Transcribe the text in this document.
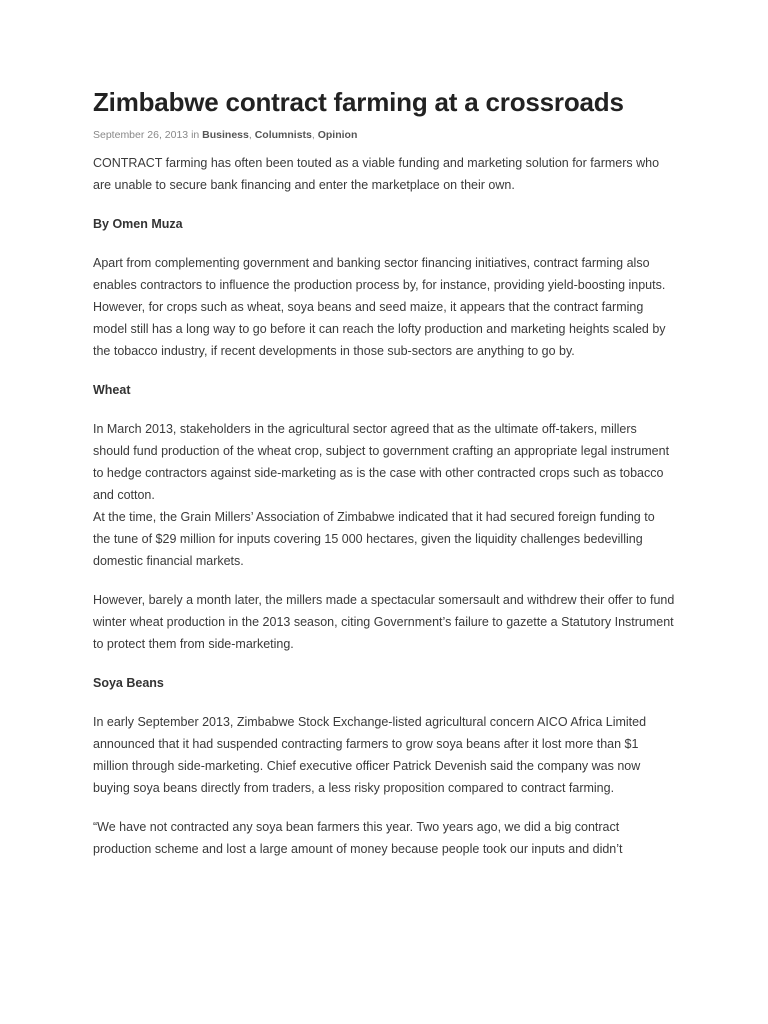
Zimbabwe contract farming at a crossroads
September 26, 2013 in Business, Columnists, Opinion

CONTRACT farming has often been touted as a viable funding and marketing solution for farmers who are unable to secure bank financing and enter the marketplace on their own.

By Omen Muza

Apart from complementing government and banking sector financing initiatives, contract farming also enables contractors to influence the production process by, for instance, providing yield-boosting inputs. However, for crops such as wheat, soya beans and seed maize, it appears that the contract farming model still has a long way to go before it can reach the lofty production and marketing heights scaled by the tobacco industry, if recent developments in those sub-sectors are anything to go by.

Wheat

In March 2013, stakeholders in the agricultural sector agreed that as the ultimate off-takers, millers should fund production of the wheat crop, subject to government crafting an appropriate legal instrument to hedge contractors against side-marketing as is the case with other contracted crops such as tobacco and cotton.

At the time, the Grain Millers’ Association of Zimbabwe indicated that it had secured foreign funding to the tune of $29 million for inputs covering 15 000 hectares, given the liquidity challenges bedevilling domestic financial markets.

However, barely a month later, the millers made a spectacular somersault and withdrew their offer to fund winter wheat production in the 2013 season, citing Government’s failure to gazette a Statutory Instrument to protect them from side-marketing.

Soya Beans

In early September 2013, Zimbabwe Stock Exchange-listed agricultural concern AICO Africa Limited announced that it had suspended contracting farmers to grow soya beans after it lost more than $1 million through side-marketing. Chief executive officer Patrick Devenish said the company was now buying soya beans directly from traders, a less risky proposition compared to contract farming.

“We have not contracted any soya bean farmers this year. Two years ago, we did a big contract production scheme and lost a large amount of money because people took our inputs and didn’t
